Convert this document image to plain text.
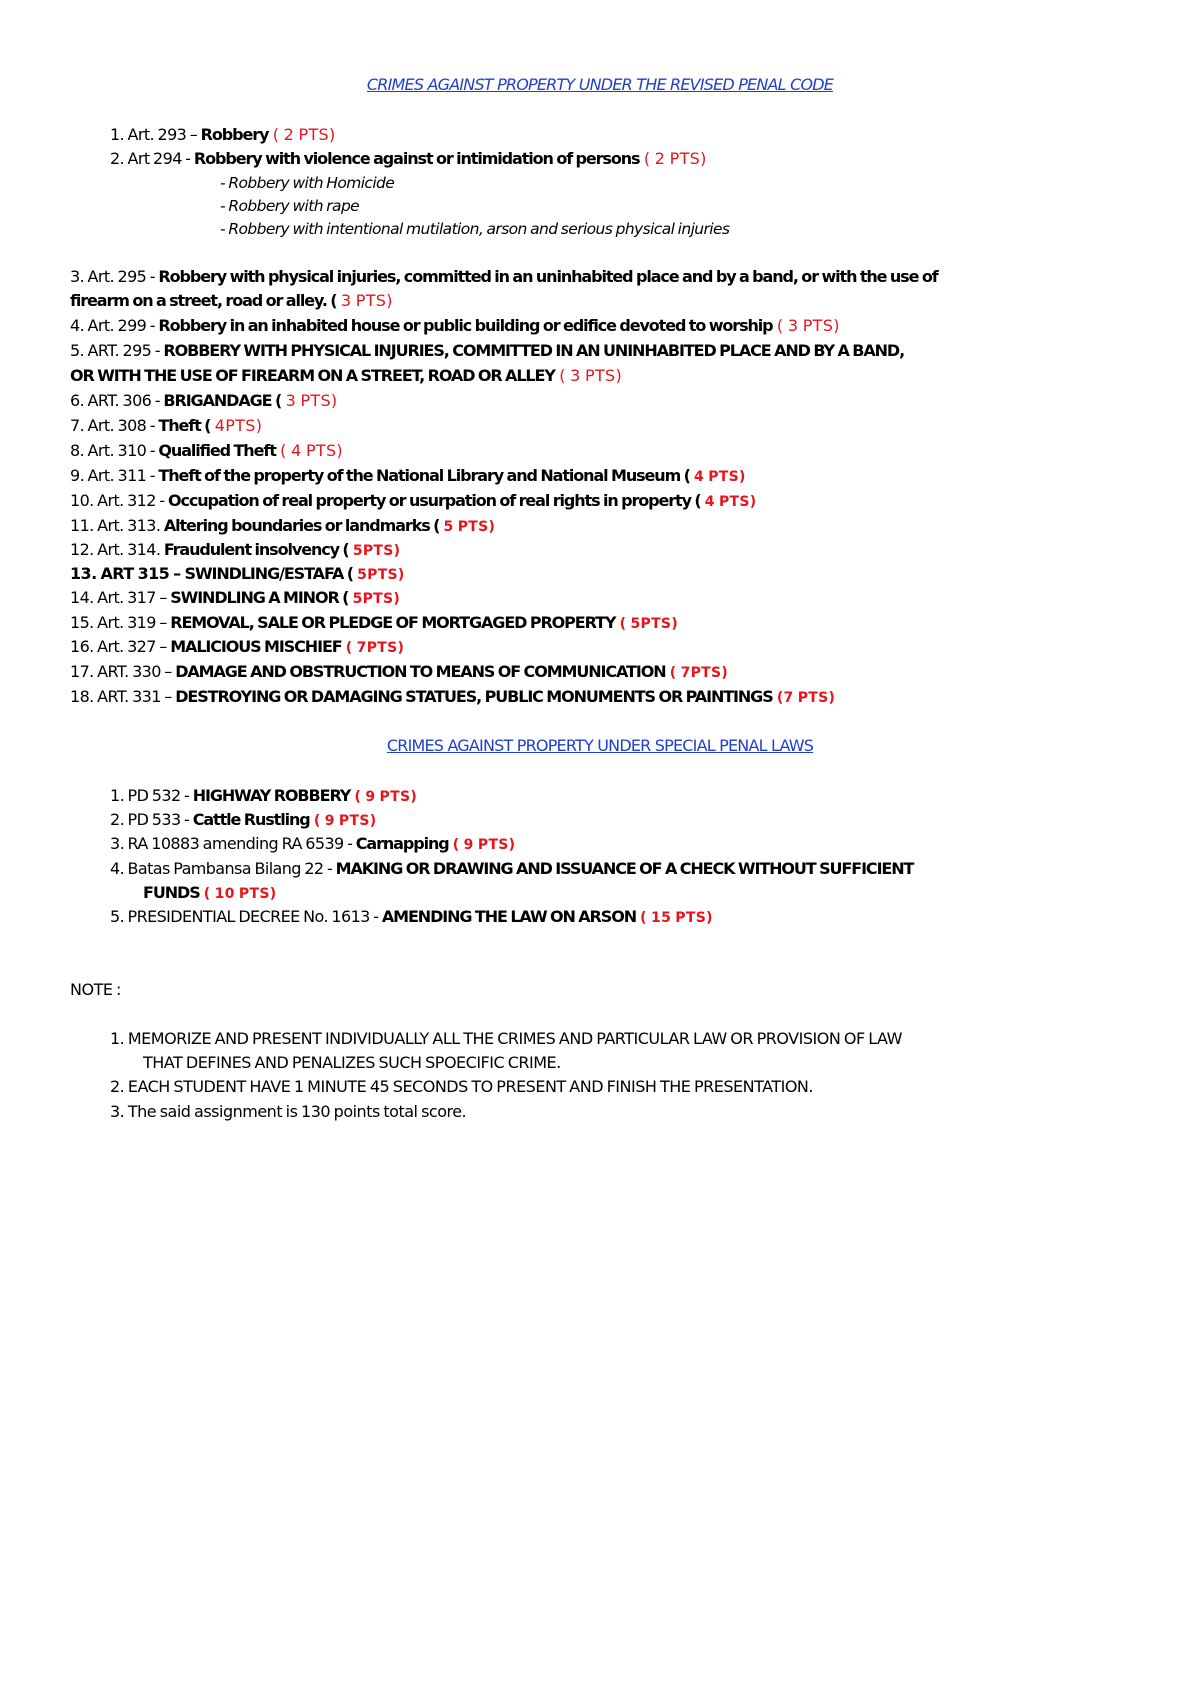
CRIMES AGAINST PROPERTY UNDER THE REVISED PENAL CODE
1. Art. 293 – Robbery ( 2 PTS)
2. Art 294 - Robbery with violence against or intimidation of persons ( 2 PTS)
- Robbery with Homicide
- Robbery with rape
- Robbery with intentional mutilation, arson and serious physical injuries
3. Art. 295 - Robbery with physical injuries, committed in an uninhabited place and by a band, or with the use of
firearm on a street, road or alley. ( 3 PTS)
4. Art. 299 - Robbery in an inhabited house or public building or edifice devoted to worship ( 3 PTS)
5. ART. 295 - ROBBERY WITH PHYSICAL INJURIES, COMMITTED IN AN UNINHABITED PLACE AND BY A BAND,
OR WITH THE USE OF FIREARM ON A STREET, ROAD OR ALLEY ( 3 PTS)
6. ART. 306 - BRIGANDAGE ( 3 PTS)
7. Art. 308 - Theft ( 4PTS)
8. Art. 310 - Qualified Theft ( 4 PTS)
9. Art. 311 - Theft of the property of the National Library and National Museum ( 4 PTS)
10. Art. 312 - Occupation of real property or usurpation of real rights in property ( 4 PTS)
11. Art. 313. Altering boundaries or landmarks ( 5 PTS)
12. Art. 314. Fraudulent insolvency ( 5PTS)
13. ART 315 – SWINDLING/ESTAFA ( 5PTS)
14. Art. 317 – SWINDLING A MINOR ( 5PTS)
15. Art. 319 – REMOVAL, SALE OR PLEDGE OF MORTGAGED PROPERTY ( 5PTS)
16. Art. 327 – MALICIOUS MISCHIEF ( 7PTS)
17. ART. 330 – DAMAGE AND OBSTRUCTION TO MEANS OF COMMUNICATION ( 7PTS)
18. ART. 331 – DESTROYING OR DAMAGING STATUES, PUBLIC MONUMENTS OR PAINTINGS (7 PTS)
CRIMES AGAINST PROPERTY UNDER SPECIAL PENAL LAWS
1. PD 532 - HIGHWAY ROBBERY ( 9 PTS)
2. PD 533 - Cattle Rustling ( 9 PTS)
3. RA 10883 amending RA 6539 - Carnapping ( 9 PTS)
4. Batas Pambansa Bilang 22 - MAKING OR DRAWING AND ISSUANCE OF A CHECK WITHOUT SUFFICIENT
FUNDS ( 10 PTS)
5. PRESIDENTIAL DECREE No. 1613 - AMENDING THE LAW ON ARSON ( 15 PTS)
NOTE :
1. MEMORIZE AND PRESENT INDIVIDUALLY ALL THE CRIMES AND PARTICULAR LAW OR PROVISION OF LAW
THAT DEFINES AND PENALIZES SUCH SPOECIFIC CRIME.
2. EACH STUDENT HAVE 1 MINUTE 45 SECONDS TO PRESENT AND FINISH THE PRESENTATION.
3. The said assignment is 130 points total score.
